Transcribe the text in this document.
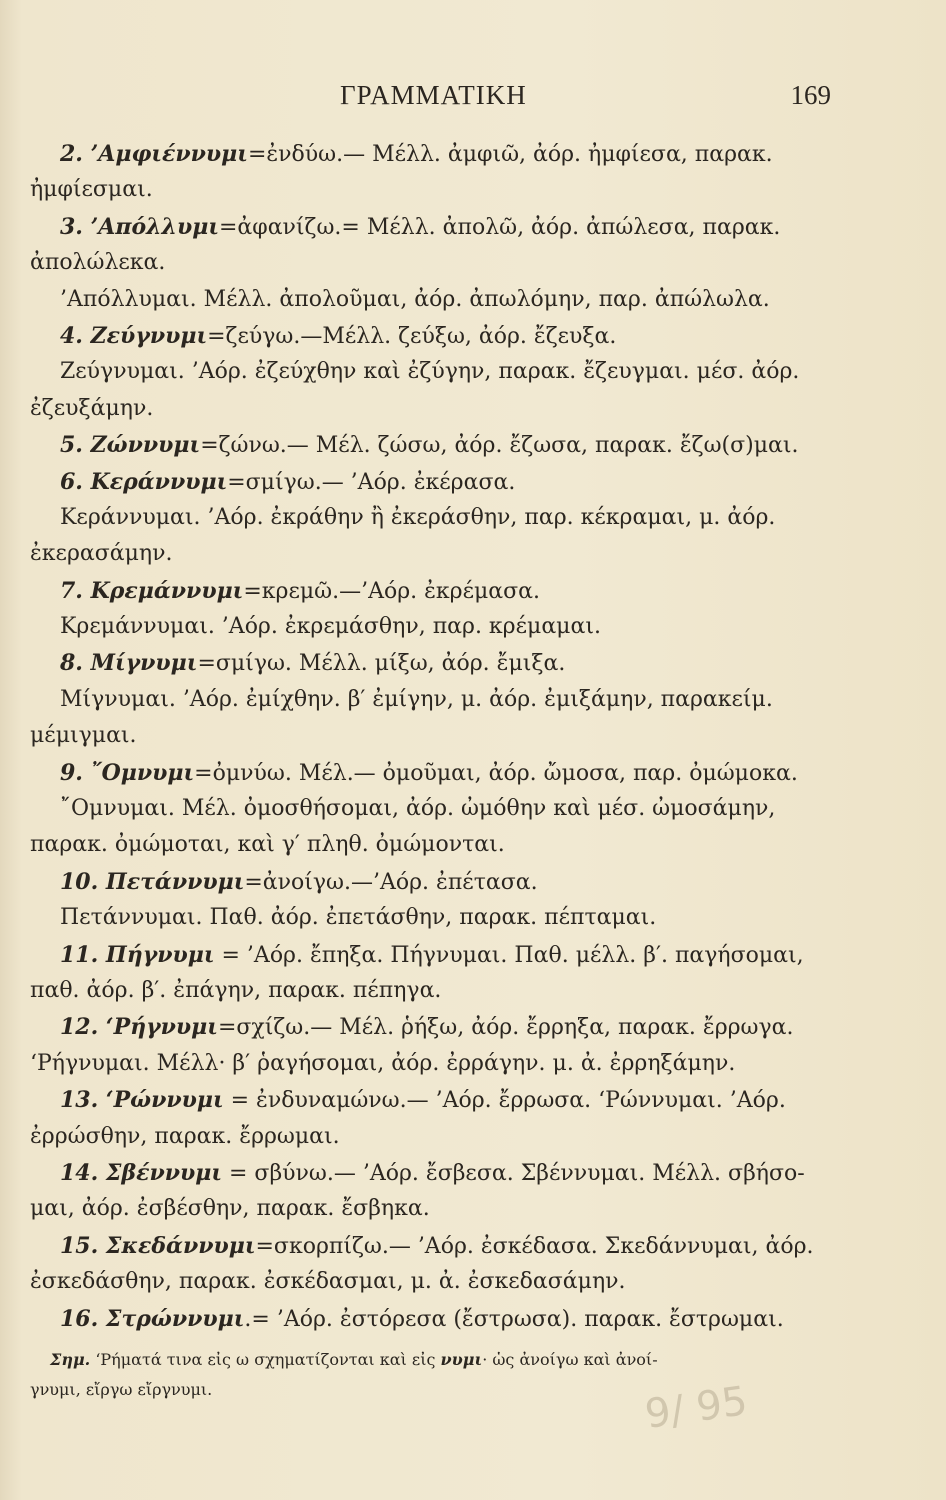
ΓΡΑΜΜΑΤΙΚΗ	169
2. ’Αμφιέννυμι=ἐνδύω.— Μέλλ. ἀμφιῶ, ἀόρ. ἠμφίεσα, παρακ.
ἠμφίεσμαι.
3. ’Απόλλυμι=ἀφανίζω.= Μέλλ. ἀπολῶ, ἀόρ. ἀπώλεσα, παρακ.
ἀπολώλεκα.
’Απόλλυμαι. Μέλλ. ἀπολοῦμαι, ἀόρ. ἀπωλόμην, παρ. ἀπώλωλα.
4. Ζεύγνυμι=ζεύγω.—Μέλλ. ζεύξω, ἀόρ. ἔζευξα.
Ζεύγνυμαι. ’Αόρ. ἐζεύχθην καὶ ἐζύγην, παρακ. ἔζευγμαι. μέσ. ἀόρ.
ἐζευξάμην.
5. Ζώννυμι=ζώνω.— Μέλ. ζώσω, ἀόρ. ἔζωσα, παρακ. ἔζω(σ)μαι.
6. Κεράννυμι=σμίγω.— ’Αόρ. ἐκέρασα.
Κεράννυμαι. ’Αόρ. ἐκράθην ἢ ἐκεράσθην, παρ. κέκραμαι, μ. ἀόρ.
ἐκερασάμην.
7. Κρεμάννυμι=κρεμῶ.—’Αόρ. ἐκρέμασα.
Κρεμάννυμαι. ’Αόρ. ἐκρεμάσθην, παρ. κρέμαμαι.
8. Μίγνυμι=σμίγω. Μέλλ. μίξω, ἀόρ. ἔμιξα.
Μίγνυμαι. ’Αόρ. ἐμίχθην. β′ ἐμίγην, μ. ἀόρ. ἐμιξάμην, παρακείμ.
μέμιγμαι.
9. ῎Ομνυμι=ὀμνύω. Μέλ.— ὀμοῦμαι, ἀόρ. ὤμοσα, παρ. ὀμώμοκα.
῎Ομνυμαι. Μέλ. ὀμοσθήσομαι, ἀόρ. ὠμόθην καὶ μέσ. ὠμοσάμην,
παρακ. ὀμώμοται, καὶ γ′ πληθ. ὀμώμονται.
10. Πετάννυμι=ἀνοίγω.—’Αόρ. ἐπέτασα.
Πετάννυμαι. Παθ. ἀόρ. ἐπετάσθην, παρακ. πέπταμαι.
11. Πήγνυμι = ’Αόρ. ἔπηξα. Πήγνυμαι. Παθ. μέλλ. β′. παγήσομαι,
παθ. ἀόρ. β′. ἐπάγην, παρακ. πέπηγα.
12. ‘Ρήγνυμι=σχίζω.— Μέλ. ῥήξω, ἀόρ. ἔρρηξα, παρακ. ἔρρωγα.
‘Ρήγνυμαι. Μέλλ· β′ ῥαγήσομαι, ἀόρ. ἐρράγην. μ. ἀ. ἐρρηξάμην.
13. ‘Ρώννυμι = ἐνδυναμώνω.— ’Αόρ. ἔρρωσα. ‘Ρώννυμαι. ’Αόρ.
ἐρρώσθην, παρακ. ἔρρωμαι.
14. Σβέννυμι = σβύνω.— ’Αόρ. ἔσβεσα. Σβέννυμαι. Μέλλ. σβήσο-
μαι, ἀόρ. ἐσβέσθην, παρακ. ἔσβηκα.
15. Σκεδάννυμι=σκορπίζω.— ’Αόρ. ἐσκέδασα. Σκεδάννυμαι, ἀόρ.
ἐσκεδάσθην, παρακ. ἐσκέδασμαι, μ. ἀ. ἐσκεδασάμην.
16. Στρώννυμι.= ’Αόρ. ἐστόρεσα (ἔστρωσα). παρακ. ἔστρωμαι.
Σημ. ‘Ρήματά τινα εἰς ω σχηματίζονται καὶ εἰς νυμι· ὡς ἀνοίγω καὶ ἀνοί-
γνυμι, εἴργω εἴργνυμι.	9/ 95
